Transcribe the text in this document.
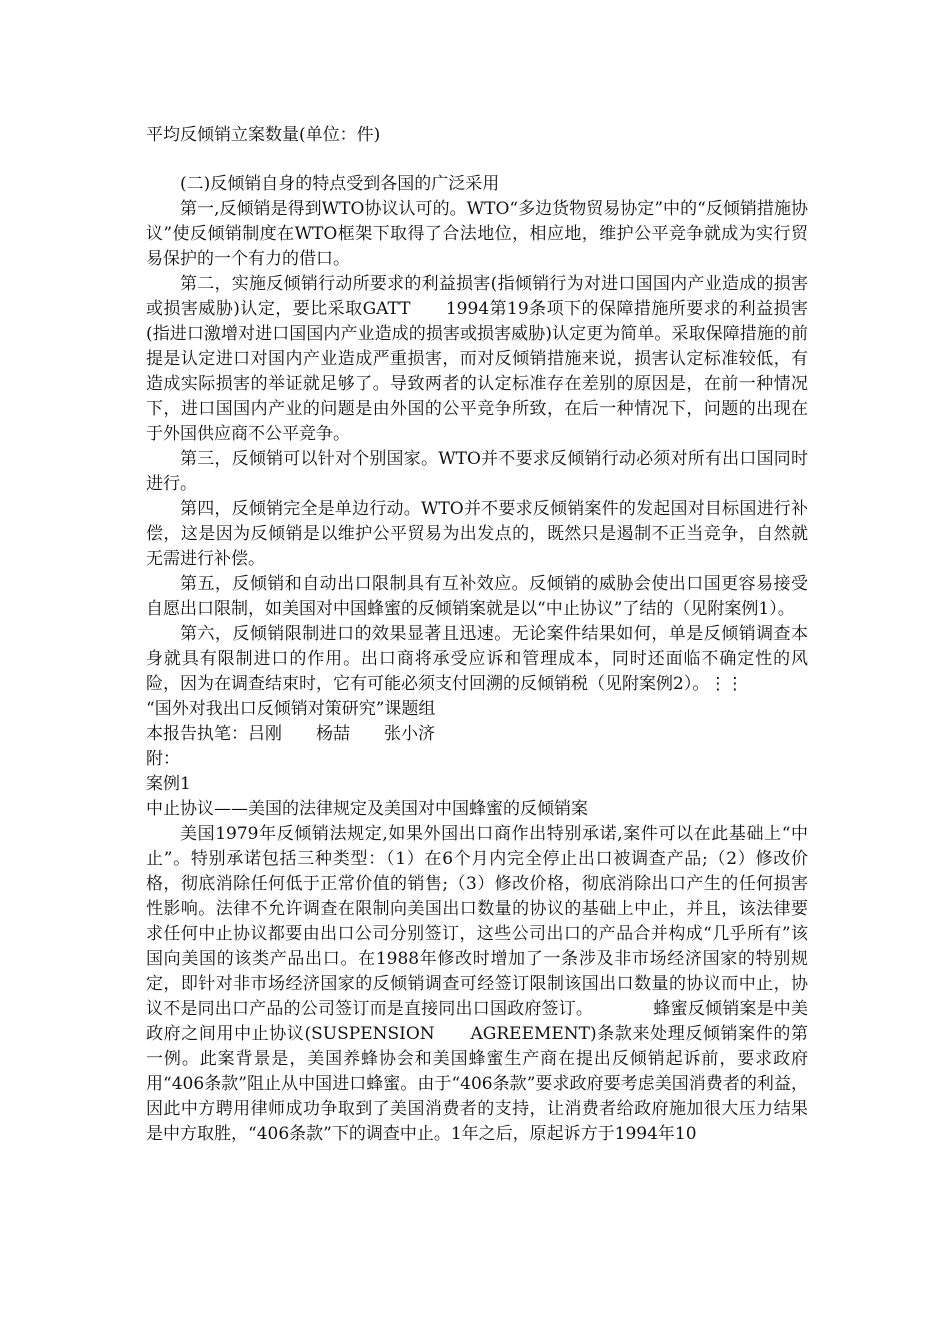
平均反倾销立案数量(单位：件)
(二)反倾销自身的特点受到各国的广泛采用

第一,反倾销是得到WTO协议认可的。WTO“多边货物贸易协定”中的“反倾销措施协议”使反倾销制度在WTO框架下取得了合法地位，相应地，维护公平竞争就成为实行贸易保护的一个有力的借口。

第二，实施反倾销行动所要求的利益损害(指倾销行为对进口国国内产业造成的损害或损害威胁)认定，要比采取GATT　　1994第19条项下的保障措施所要求的利益损害(指进口激增对进口国国内产业造成的损害或损害威胁)认定更为简单。采取保障措施的前提是认定进口对国内产业造成严重损害，而对反倾销措施来说，损害认定标准较低，有造成实际损害的举证就足够了。导致两者的认定标准存在差别的原因是，在前一种情况下，进口国国内产业的问题是由外国的公平竞争所致，在后一种情况下，问题的出现在于外国供应商不公平竞争。

第三，反倾销可以针对个别国家。WTO并不要求反倾销行动必须对所有出口国同时进行。

第四，反倾销完全是单边行动。WTO并不要求反倾销案件的发起国对目标国进行补偿，这是因为反倾销是以维护公平贸易为出发点的，既然只是遏制不正当竞争，自然就无需进行补偿。

第五，反倾销和自动出口限制具有互补效应。反倾销的威胁会使出口国更容易接受自愿出口限制，如美国对中国蜂蜜的反倾销案就是以“中止协议”了结的（见附案例1）。

第六，反倾销限制进口的效果显著且迅速。无论案件结果如何，单是反倾销调查本身就具有限制进口的作用。出口商将承受应诉和管理成本，同时还面临不确定性的风险，因为在调查结束时，它有可能必须支付回溯的反倾销税（见附案例2）。⋮⋮

“国外对我出口反倾销对策研究”课题组
本报告执笔：吕刚　　杨喆　　张小济
附：
案例1
中止协议——美国的法律规定及美国对中国蜂蜜的反倾销案

美国1979年反倾销法规定,如果外国出口商作出特别承诺,案件可以在此基础上“中止”。特别承诺包括三种类型：（1）在6个月内完全停止出口被调查产品;（2）修改价格，彻底消除任何低于正常价值的销售;（3）修改价格，彻底消除出口产生的任何损害性影响。法律不允许调查在限制向美国出口数量的协议的基础上中止，并且，该法律要求任何中止协议都要由出口公司分别签订，这些公司出口的产品合并构成“几乎所有”该国向美国的该类产品出口。在1988年修改时增加了一条涉及非市场经济国家的特别规定，即针对非市场经济国家的反倾销调查可经签订限制该国出口数量的协议而中止，协议不是同出口产品的公司签订而是直接同出口国政府签订。　　　　蜂蜜反倾销案是中美政府之间用中止协议(SUSPENSION　　AGREEMENT)条款来处理反倾销案件的第一例。此案背景是，美国养蜂协会和美国蜂蜜生产商在提出反倾销起诉前，要求政府用“406条款”阻止从中国进口蜂蜜。由于“406条款”要求政府要考虑美国消费者的利益，因此中方聘用律师成功争取到了美国消费者的支持，让消费者给政府施加很大压力结果是中方取胜，“406条款”下的调查中止。1年之后，原起诉方于1994年10
